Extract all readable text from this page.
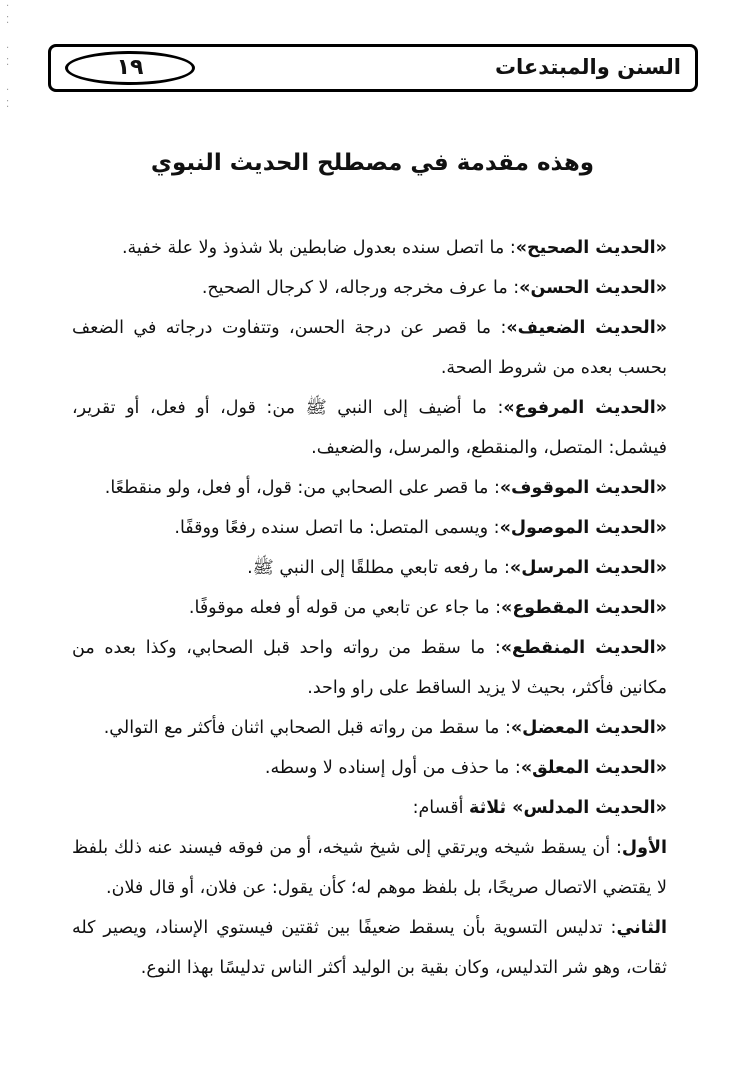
·
⁚

·
⁚

·
⁚
السنن والمبتدعات
١٩
وهذه مقدمة في مصطلح الحديث النبوي

«الحديث الصحيح»: ما اتصل سنده بعدول ضابطين بلا شذوذ ولا علة خفية.

«الحديث الحسن»: ما عرف مخرجه ورجاله، لا كرجال الصحيح.

«الحديث الضعيف»: ما قصر عن درجة الحسن، وتتفاوت درجاته في الضعف بحسب بعده من شروط الصحة.

«الحديث المرفوع»: ما أضيف إلى النبي ﷺ من: قول، أو فعل، أو تقرير، فيشمل: المتصل، والمنقطع، والمرسل، والضعيف.

«الحديث الموقوف»: ما قصر على الصحابي من: قول، أو فعل، ولو منقطعًا.

«الحديث الموصول»: ويسمى المتصل: ما اتصل سنده رفعًا ووقفًا.

«الحديث المرسل»: ما رفعه تابعي مطلقًا إلى النبي ﷺ.

«الحديث المقطوع»: ما جاء عن تابعي من قوله أو فعله موقوفًا.

«الحديث المنقطع»: ما سقط من رواته واحد قبل الصحابي، وكذا بعده من مكانين فأكثر، بحيث لا يزيد الساقط على راو واحد.

«الحديث المعضل»: ما سقط من رواته قبل الصحابي اثنان فأكثر مع التوالي.

«الحديث المعلق»: ما حذف من أول إسناده لا وسطه.

«الحديث المدلس» ثلاثة أقسام:

الأول: أن يسقط شيخه ويرتقي إلى شيخ شيخه، أو من فوقه فيسند عنه ذلك بلفظ لا يقتضي الاتصال صريحًا، بل بلفظ موهم له؛ كأن يقول: عن فلان، أو قال فلان.

الثاني: تدليس التسوية بأن يسقط ضعيفًا بين ثقتين فيستوي الإسناد، ويصير كله ثقات، وهو شر التدليس، وكان بقية بن الوليد أكثر الناس تدليسًا بهذا النوع.
